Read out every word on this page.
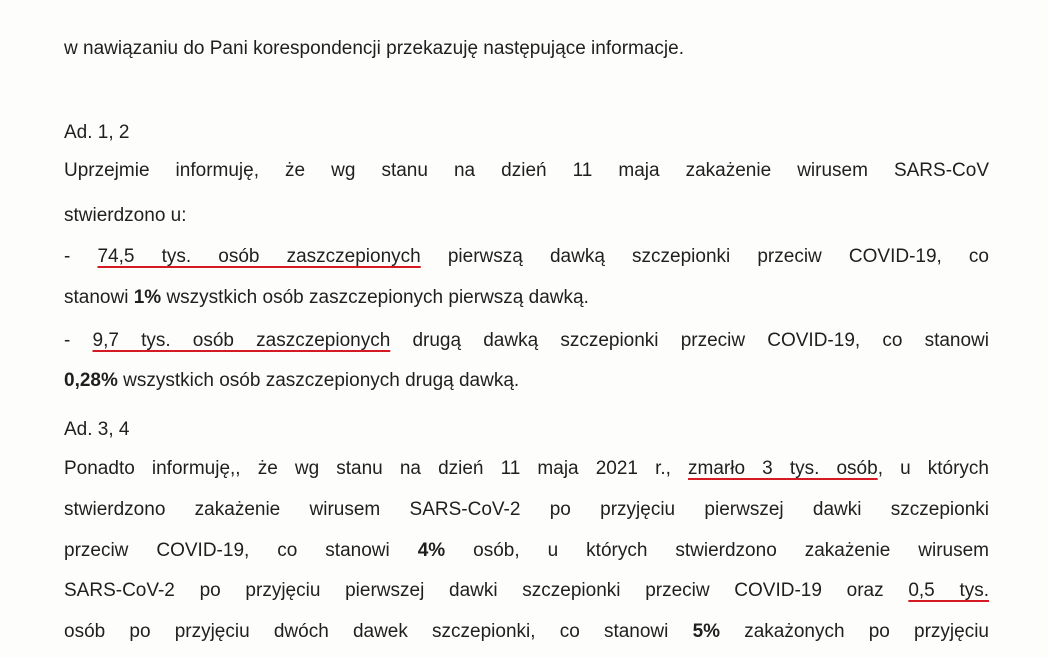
w nawiązaniu do Pani korespondencji przekazuję następujące informacje.
Ad. 1, 2
Uprzejmie informuję, że wg stanu na dzień 11 maja zakażenie wirusem SARS-CoV
stwierdzono u:
- 74,5 tys. osób zaszczepionych pierwszą dawką szczepionki przeciw COVID-19, co
stanowi 1% wszystkich osób zaszczepionych pierwszą dawką.
- 9,7 tys. osób zaszczepionych drugą dawką szczepionki przeciw COVID-19, co stanowi
0,28% wszystkich osób zaszczepionych drugą dawką.
Ad. 3, 4
Ponadto informuję,, że wg stanu na dzień 11 maja 2021 r., zmarło 3 tys. osób, u których
stwierdzono zakażenie wirusem SARS-CoV-2 po przyjęciu pierwszej dawki szczepionki
przeciw COVID-19, co stanowi 4% osób, u których stwierdzono zakażenie wirusem
SARS-CoV-2 po przyjęciu pierwszej dawki szczepionki przeciw COVID-19 oraz 0,5 tys.
osób po przyjęciu dwóch dawek szczepionki, co stanowi 5% zakażonych po przyjęciu
